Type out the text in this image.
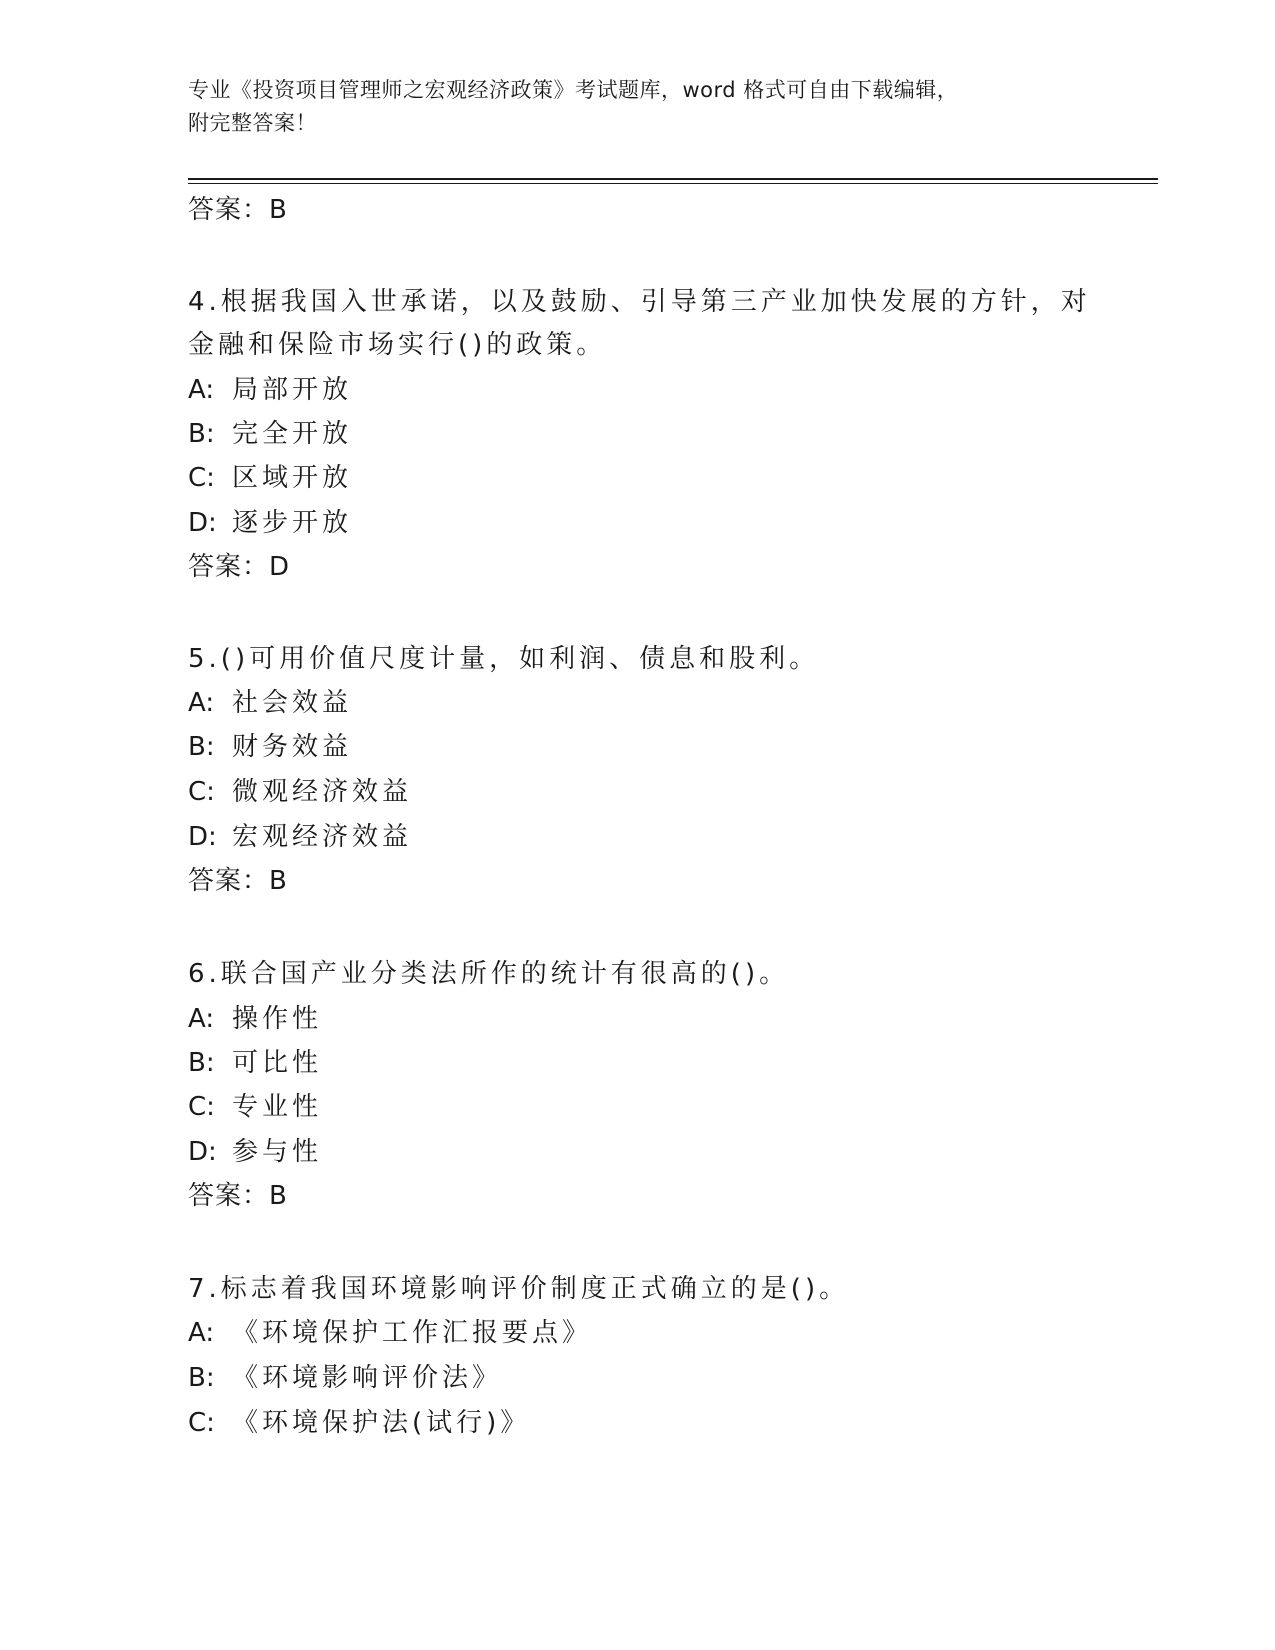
专业《投资项目管理师之宏观经济政策》考试题库，word 格式可自由下载编辑，
附完整答案！
答案：B
4.根据我国入世承诺，以及鼓励、引导第三产业加快发展的方针，对
金融和保险市场实行()的政策。
A: 局部开放
B: 完全开放
C: 区域开放
D: 逐步开放
答案：D
5.()可用价值尺度计量，如利润、债息和股利。
A: 社会效益
B: 财务效益
C: 微观经济效益
D: 宏观经济效益
答案：B
6.联合国产业分类法所作的统计有很高的()。
A: 操作性
B: 可比性
C: 专业性
D: 参与性
答案：B
7.标志着我国环境影响评价制度正式确立的是()。
A: 《环境保护工作汇报要点》
B: 《环境影响评价法》
C: 《环境保护法(试行)》
